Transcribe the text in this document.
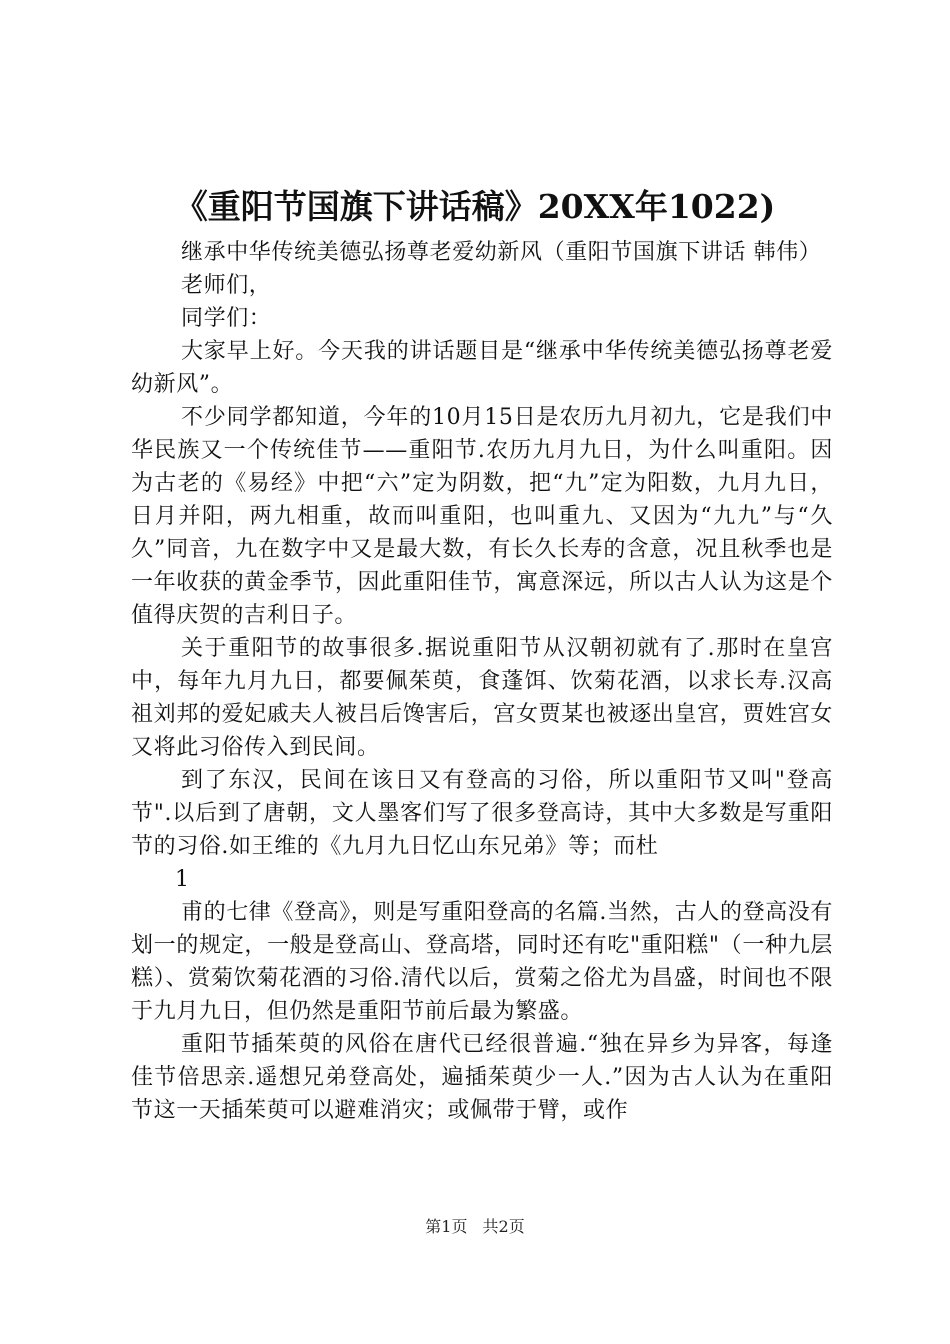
《重阳节国旗下讲话稿》20XX年1022)

继承中华传统美德弘扬尊老爱幼新风（重阳节国旗下讲话 韩伟）

老师们，

同学们：

大家早上好。今天我的讲话题目是“继承中华传统美德弘扬尊老爱幼新风”。

不少同学都知道，今年的10月15日是农历九月初九，它是我们中华民族又一个传统佳节——重阳节.农历九月九日，为什么叫重阳。因为古老的《易经》中把“六”定为阴数，把“九”定为阳数，九月九日，日月并阳，两九相重，故而叫重阳，也叫重九、又因为“九九”与“久久”同音，九在数字中又是最大数，有长久长寿的含意，况且秋季也是一年收获的黄金季节，因此重阳佳节，寓意深远，所以古人认为这是个值得庆贺的吉利日子。

关于重阳节的故事很多.据说重阳节从汉朝初就有了.那时在皇宫中，每年九月九日，都要佩茱萸，食蓬饵、饮菊花酒，以求长寿.汉高祖刘邦的爱妃戚夫人被吕后馋害后，宫女贾某也被逐出皇宫，贾姓宫女又将此习俗传入到民间。

到了东汉，民间在该日又有登高的习俗，所以重阳节又叫"登高节".以后到了唐朝，文人墨客们写了很多登高诗，其中大多数是写重阳节的习俗.如王维的《九月九日忆山东兄弟》等；而杜

1

甫的七律《登高》，则是写重阳登高的名篇.当然，古人的登高没有划一的规定，一般是登高山、登高塔，同时还有吃"重阳糕"（一种九层糕）、赏菊饮菊花酒的习俗.清代以后，赏菊之俗尤为昌盛，时间也不限于九月九日，但仍然是重阳节前后最为繁盛。

重阳节插茱萸的风俗在唐代已经很普遍.“独在异乡为异客，每逢佳节倍思亲.遥想兄弟登高处，遍插茱萸少一人.”因为古人认为在重阳节这一天插茱萸可以避难消灾；或佩带于臂，或作

第1页 共2页
